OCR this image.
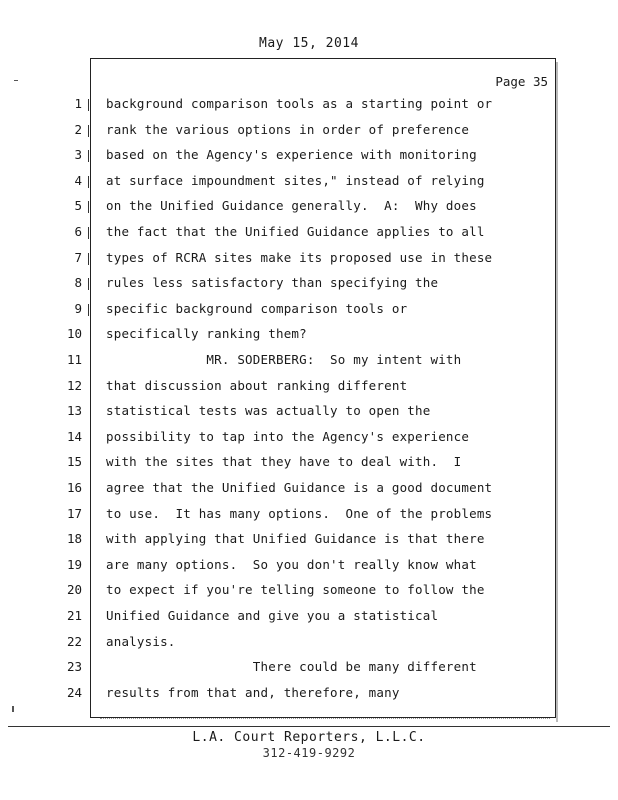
May 15, 2014
Page 35
1 background comparison tools as a starting point or
2 rank the various options in order of preference
3 based on the Agency's experience with monitoring
4 at surface impoundment sites," instead of relying
5 on the Unified Guidance generally.  A:  Why does
6 the fact that the Unified Guidance applies to all
7 types of RCRA sites make its proposed use in these
8 rules less satisfactory than specifying the
9 specific background comparison tools or
10 specifically ranking them?
11 MR. SODERBERG:  So my intent with
12 that discussion about ranking different
13 statistical tests was actually to open the
14 possibility to tap into the Agency's experience
15 with the sites that they have to deal with.  I
16 agree that the Unified Guidance is a good document
17 to use.  It has many options.  One of the problems
18 with applying that Unified Guidance is that there
19 are many options.  So you don't really know what
20 to expect if you're telling someone to follow the
21 Unified Guidance and give you a statistical
22 analysis.
23 There could be many different
24 results from that and, therefore, many
L.A. Court Reporters, L.L.C.
312-419-9292
